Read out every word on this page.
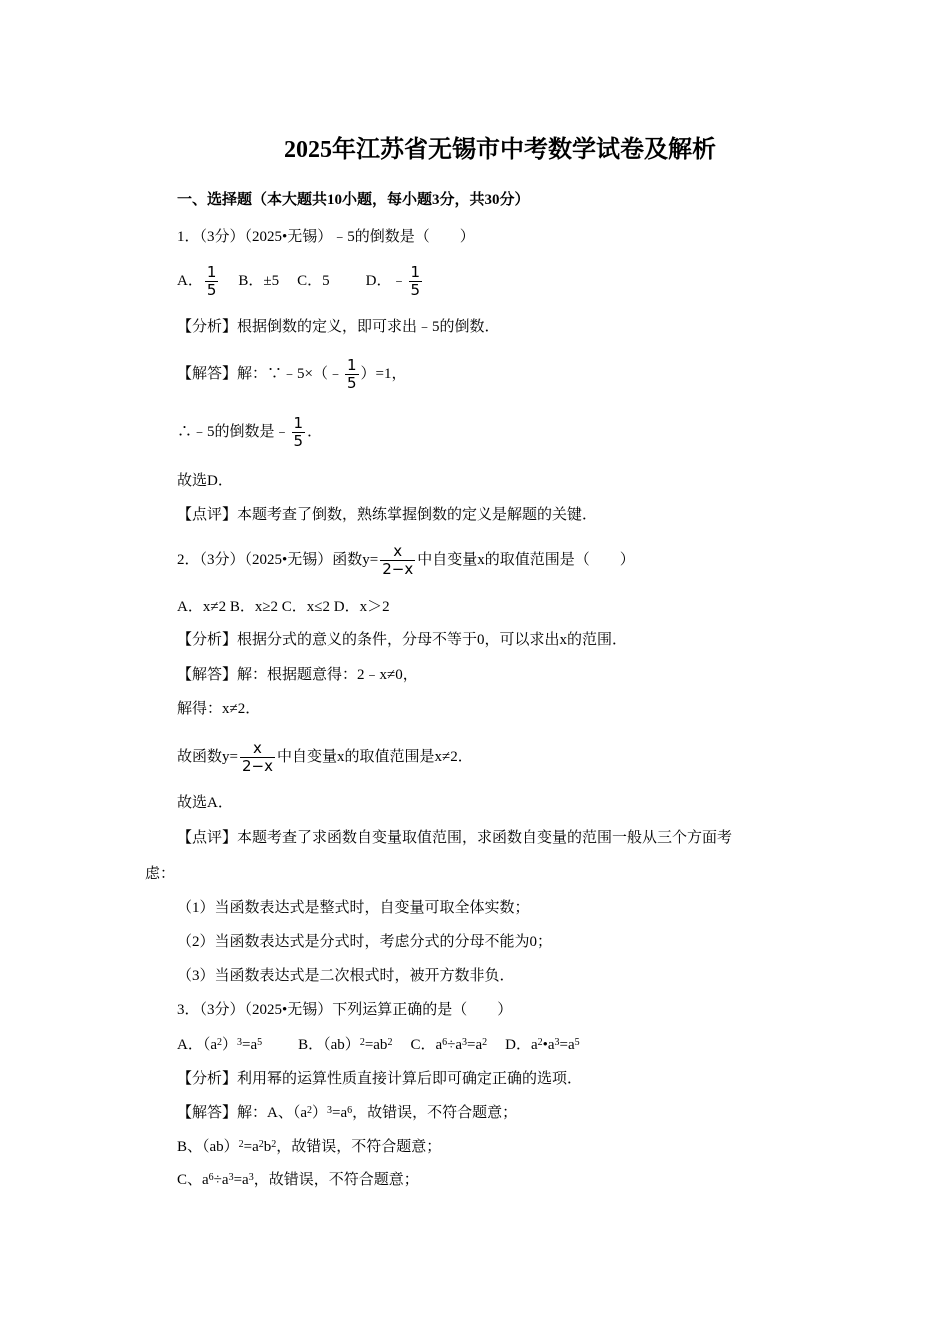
2025年江苏省无锡市中考数学试卷及解析
一、选择题（本大题共10小题，每小题3分，共30分）
1．（3分）（2025•无锡）﹣5的倒数是（　　）
A． $\frac{1}{5}$ B．±5 C．5 D．﹣ $\frac{1}{5}$
【分析】根据倒数的定义，即可求出﹣5的倒数．
【解答】解：∵﹣5×（﹣ $\frac{1}{5} )=1$，
∴﹣5的倒数是﹣ $\frac{1}{5}$ ．
故选D．
【点评】本题考查了倒数，熟练掌握倒数的定义是解题的关键．
2．（3分）（2025•无锡）函数$y= \frac{x}{2-x}$ 中自变量x的取值范围是（　　）
A．x≠2 B．x≥2 C．x≤2 D．x＞2
【分析】根据分式的意义的条件，分母不等于0，可以求出x的范围．
【解答】解：根据题意得：2﹣x≠0，
解得：x≠2．
故函数$y= \frac{x}{2-x}$ 中自变量x的取值范围是x≠2．
故选A．
【点评】本题考查了求函数自变量取值范围，求函数自变量的范围一般从三个方面考
虑：
（1）当函数表达式是整式时，自变量可取全体实数；
（2）当函数表达式是分式时，考虑分式的分母不能为0；
（3）当函数表达式是二次根式时，被开方数非负．
3．（3分）（2025•无锡）下列运算正确的是（　　）
A．$(a^2)^3=a^5$ B．$(ab)^2=ab^2$ C．$a^6\div a^3=a^2$ D．$a^2•a^3=a^5$
【分析】利用幂的运算性质直接计算后即可确定正确的选项．
【解答】解：A、$(a^2)^3=a^6$，故错误，不符合题意；
B、$(ab)^2=a^2b^2$，故错误，不符合题意；
C、$a^6\div a^3=a^3$，故错误，不符合题意；
